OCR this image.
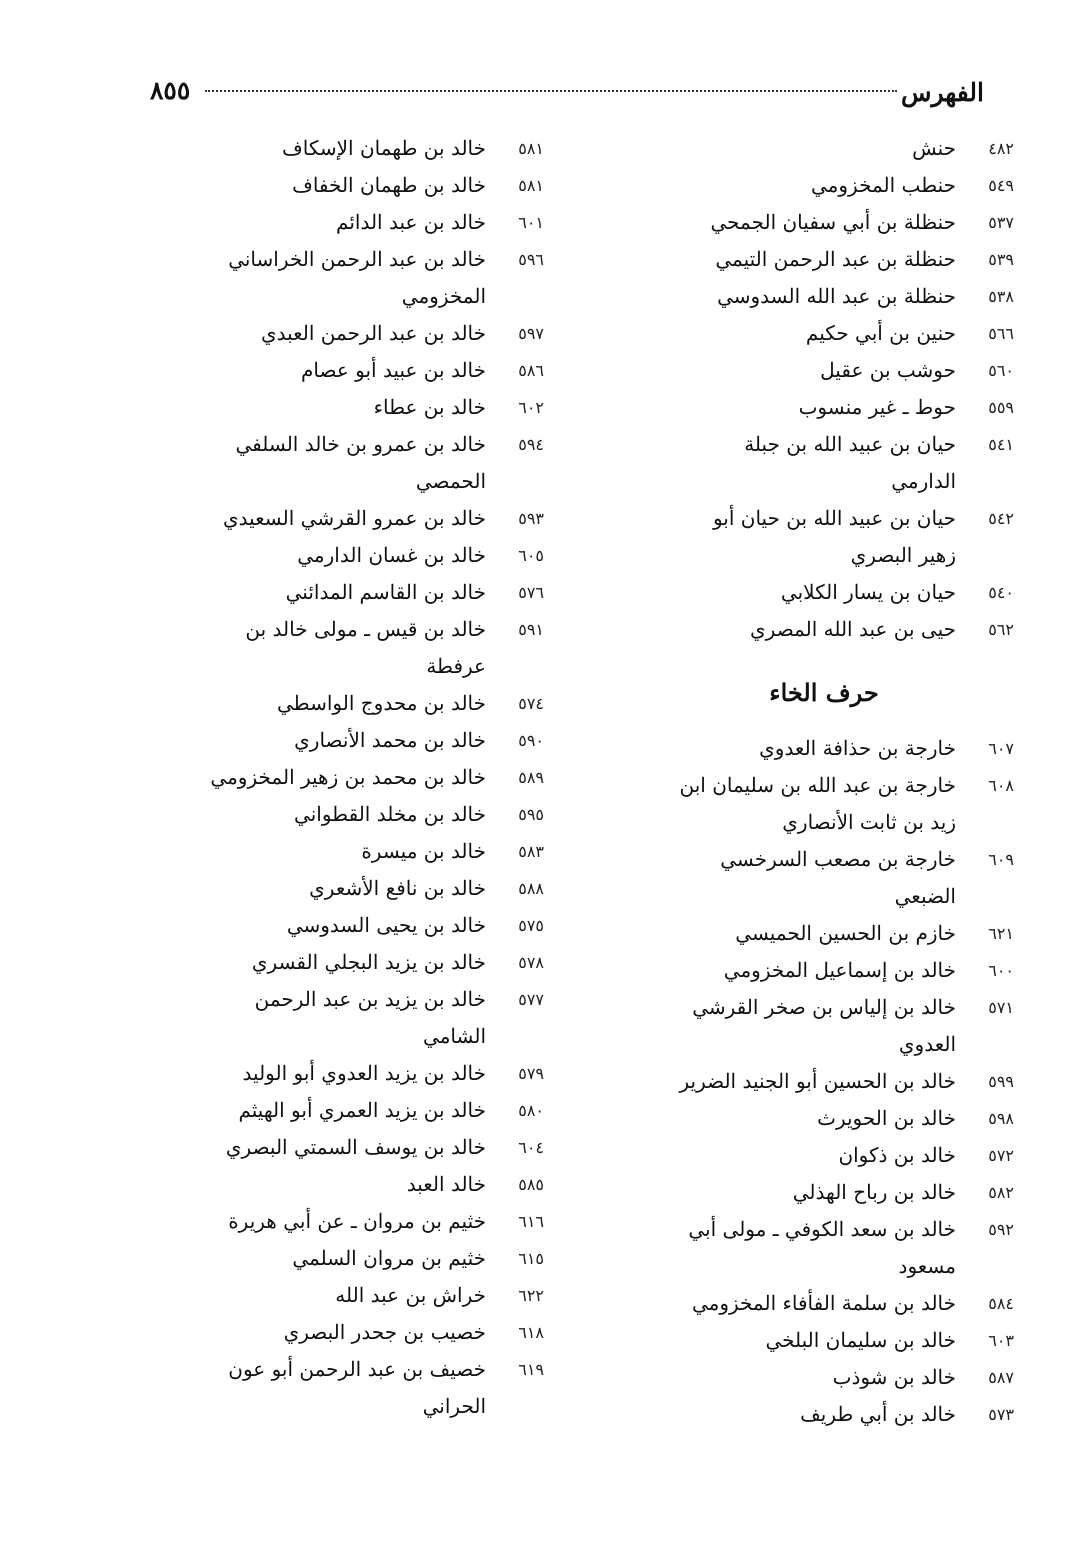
الفهرس
٨٥٥
٤٨٢
حنش
٥٤٩
حنطب المخزومي
٥٣٧
حنظلة بن أبي سفيان الجمحي
٥٣٩
حنظلة بن عبد الرحمن التيمي
٥٣٨
حنظلة بن عبد الله السدوسي
٥٦٦
حنين بن أبي حكيم
٥٦٠
حوشب بن عقيل
٥٥٩
حوط ـ غير منسوب
٥٤١
حيان بن عبيد الله بن جبلة الدارمي
٥٤٢
حيان بن عبيد الله بن حيان أبو زهير البصري
٥٤٠
حيان بن يسار الكلابي
٥٦٢
حيى بن عبد الله المصري
حرف الخاء
٦٠٧
خارجة بن حذافة العدوي
٦٠٨
خارجة بن عبد الله بن سليمان ابن زيد بن ثابت الأنصاري
٦٠٩
خارجة بن مصعب السرخسي الضبعي
٦٢١
خازم بن الحسين الحميسي
٦٠٠
خالد بن إسماعيل المخزومي
٥٧١
خالد بن إلياس بن صخر القرشي العدوي
٥٩٩
خالد بن الحسين أبو الجنيد الضرير
٥٩٨
خالد بن الحويرث
٥٧٢
خالد بن ذكوان
٥٨٢
خالد بن رباح الهذلي
٥٩٢
خالد بن سعد الكوفي ـ مولى أبي مسعود
٥٨٤
خالد بن سلمة الفأفاء المخزومي
٦٠٣
خالد بن سليمان البلخي
٥٨٧
خالد بن شوذب
٥٧٣
خالد بن أبي طريف
٥٨١
خالد بن طهمان الإسكاف
٥٨١
خالد بن طهمان الخفاف
٦٠١
خالد بن عبد الدائم
٥٩٦
خالد بن عبد الرحمن الخراساني المخزومي
٥٩٧
خالد بن عبد الرحمن العبدي
٥٨٦
خالد بن عبيد أبو عصام
٦٠٢
خالد بن عطاء
٥٩٤
خالد بن عمرو بن خالد السلفي الحمصي
٥٩٣
خالد بن عمرو القرشي السعيدي
٦٠٥
خالد بن غسان الدارمي
٥٧٦
خالد بن القاسم المدائني
٥٩١
خالد بن قيس ـ مولى خالد بن عرفطة
٥٧٤
خالد بن محدوج الواسطي
٥٩٠
خالد بن محمد الأنصاري
٥٨٩
خالد بن محمد بن زهير المخزومي
٥٩٥
خالد بن مخلد القطواني
٥٨٣
خالد بن ميسرة
٥٨٨
خالد بن نافع الأشعري
٥٧٥
خالد بن يحيى السدوسي
٥٧٨
خالد بن يزيد البجلي القسري
٥٧٧
خالد بن يزيد بن عبد الرحمن الشامي
٥٧٩
خالد بن يزيد العدوي أبو الوليد
٥٨٠
خالد بن يزيد العمري أبو الهيثم
٦٠٤
خالد بن يوسف السمتي البصري
٥٨٥
خالد العبد
٦١٦
خثيم بن مروان ـ عن أبي هريرة
٦١٥
خثيم بن مروان السلمي
٦٢٢
خراش بن عبد الله
٦١٨
خصيب بن جحدر البصري
٦١٩
خصيف بن عبد الرحمن أبو عون الحراني
